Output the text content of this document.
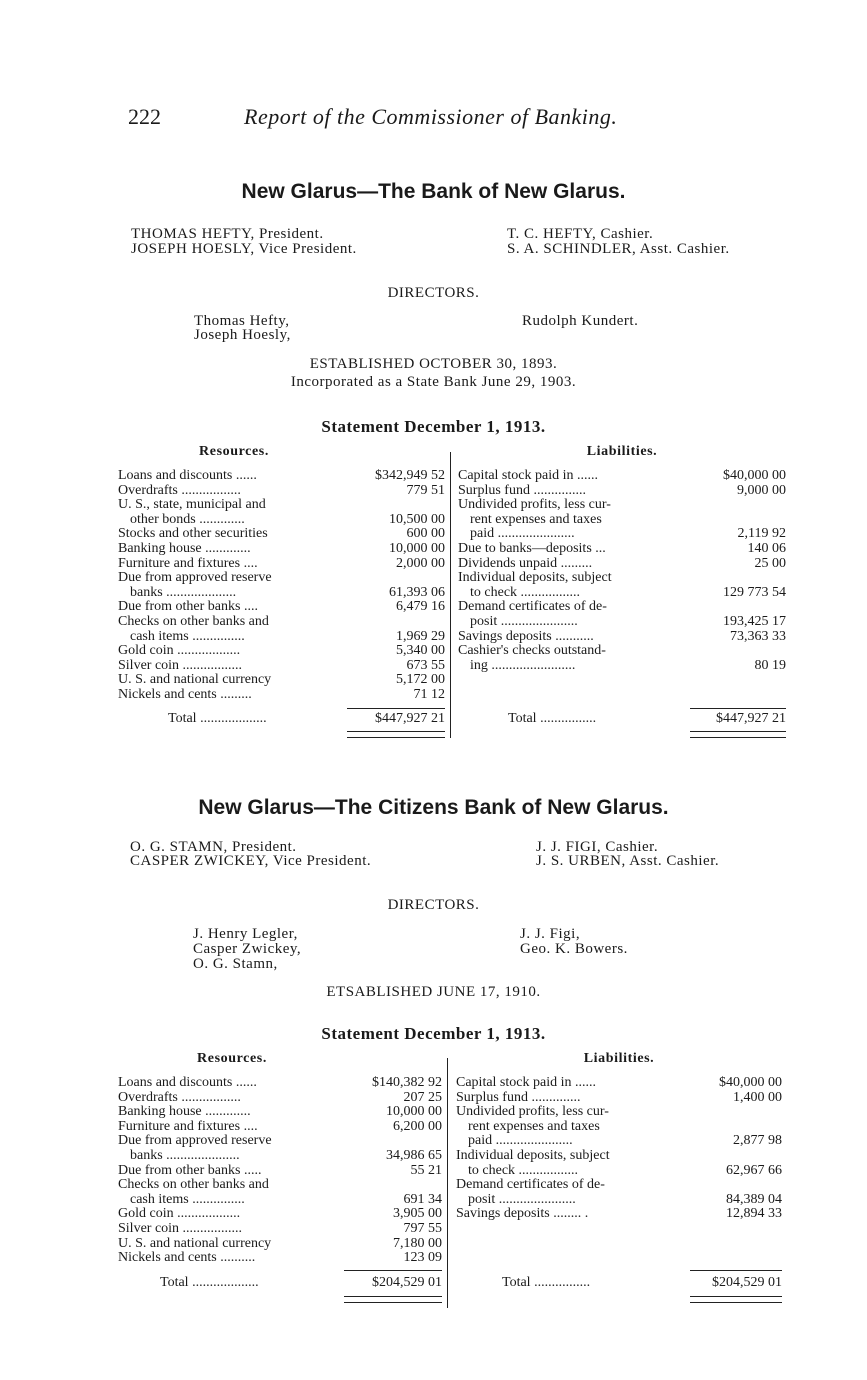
222	Report of the Commissioner of Banking.
New Glarus—The Bank of New Glarus.
THOMAS HEFTY, President.
JOSEPH HOESLY, Vice President.
T. C. HEFTY, Cashier.
S. A. SCHINDLER, Asst. Cashier.
DIRECTORS.
Thomas Hefty,
Joseph Hoesly,
Rudolph Kundert.
ESTABLISHED OCTOBER 30, 1893.
Incorporated as a State Bank June 29, 1903.
Statement December 1, 1913.
Resources.	Liabilities.
Loans and discounts ......	$342,949 52
Overdrafts .................	779 51
U. S., state, municipal and
other bonds .............	10,500 00
Stocks and other securities	600 00
Banking house .............	10,000 00
Furniture and fixtures ....	2,000 00
Due from approved reserve
banks ....................	61,393 06
Due from other banks ....	6,479 16
Checks on other banks and
cash items ...............	1,969 29
Gold coin ..................	5,340 00
Silver coin .................	673 55
U. S. and national currency	5,172 00
Nickels and cents .........	71 12
Capital stock paid in ......	$40,000 00
Surplus fund ...............	9,000 00
Undivided profits, less cur-
rent expenses and taxes
paid ......................	2,119 92
Due to banks—deposits ...	140 06
Dividends unpaid .........	25 00
Individual deposits, subject
to check .................	129 773 54
Demand certificates of de-
posit ......................	193,425 17
Savings deposits ...........	73,363 33
Cashier's checks outstand-
ing ........................	80 19
Total ...................	$447,927 21	Total ................	$447,927 21
New Glarus—The Citizens Bank of New Glarus.
O. G. STAMN, President.
CASPER ZWICKEY, Vice President.
J. J. FIGI, Cashier.
J. S. URBEN, Asst. Cashier.
DIRECTORS.
J. Henry Legler,
Casper Zwickey,
O. G. Stamn,
J. J. Figi,
Geo. K. Bowers.
ETSABLISHED JUNE 17, 1910.
Statement December 1, 1913.
Resources.	Liabilities.
Loans and discounts ......	$140,382 92
Overdrafts .................	207 25
Banking house .............	10,000 00
Furniture and fixtures ....	6,200 00
Due from approved reserve
banks .....................	34,986 65
Due from other banks .....	55 21
Checks on other banks and
cash items ...............	691 34
Gold coin ..................	3,905 00
Silver coin .................	797 55
U. S. and national currency	7,180 00
Nickels and cents ..........	123 09
Capital stock paid in ......	$40,000 00
Surplus fund ..............	1,400 00
Undivided profits, less cur-
rent expenses and taxes
paid ......................	2,877 98
Individual deposits, subject
to check .................	62,967 66
Demand certificates of de-
posit ......................	84,389 04
Savings deposits ........ .	12,894 33
Total ...................	$204,529 01	Total ................	$204,529 01
